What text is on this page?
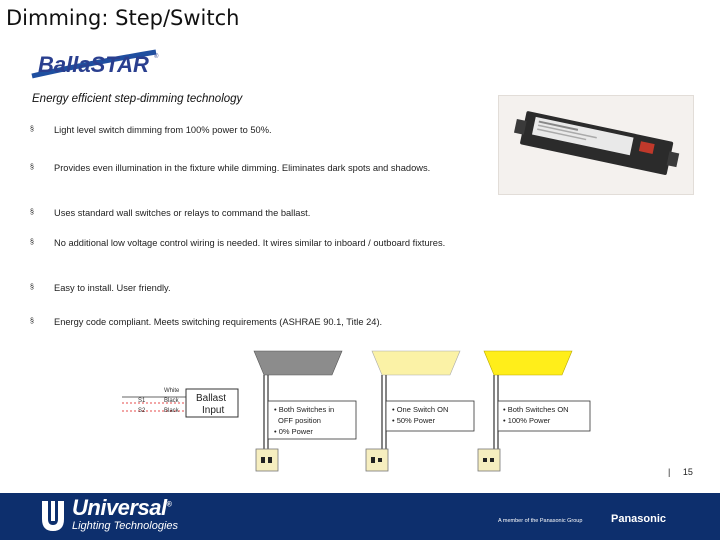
Dimming: Step/Switch
BallaSTAR ®
Energy efficient step-dimming technology
§ Light level switch dimming from 100% power to 50%.
§ Provides even illumination in the fixture while dimming. Eliminates dark spots and shadows.
§ Uses standard wall switches or relays to command the ballast.
§ No additional low voltage control wiring is needed. It wires similar to inboard / outboard fixtures.
§ Easy to install. User friendly.
§ Energy code compliant. Meets switching requirements (ASHRAE 90.1, Title 24).
White
S1	Black
S2	Black
Ballast
Input	• Both Switches in
OFF position
• 0% Power
• One Switch ON
• 50% Power
• Both Switches ON
• 100% Power
| 15
Universal®
Lighting Technologies	A member of the Panasonic Group	Panasonic
